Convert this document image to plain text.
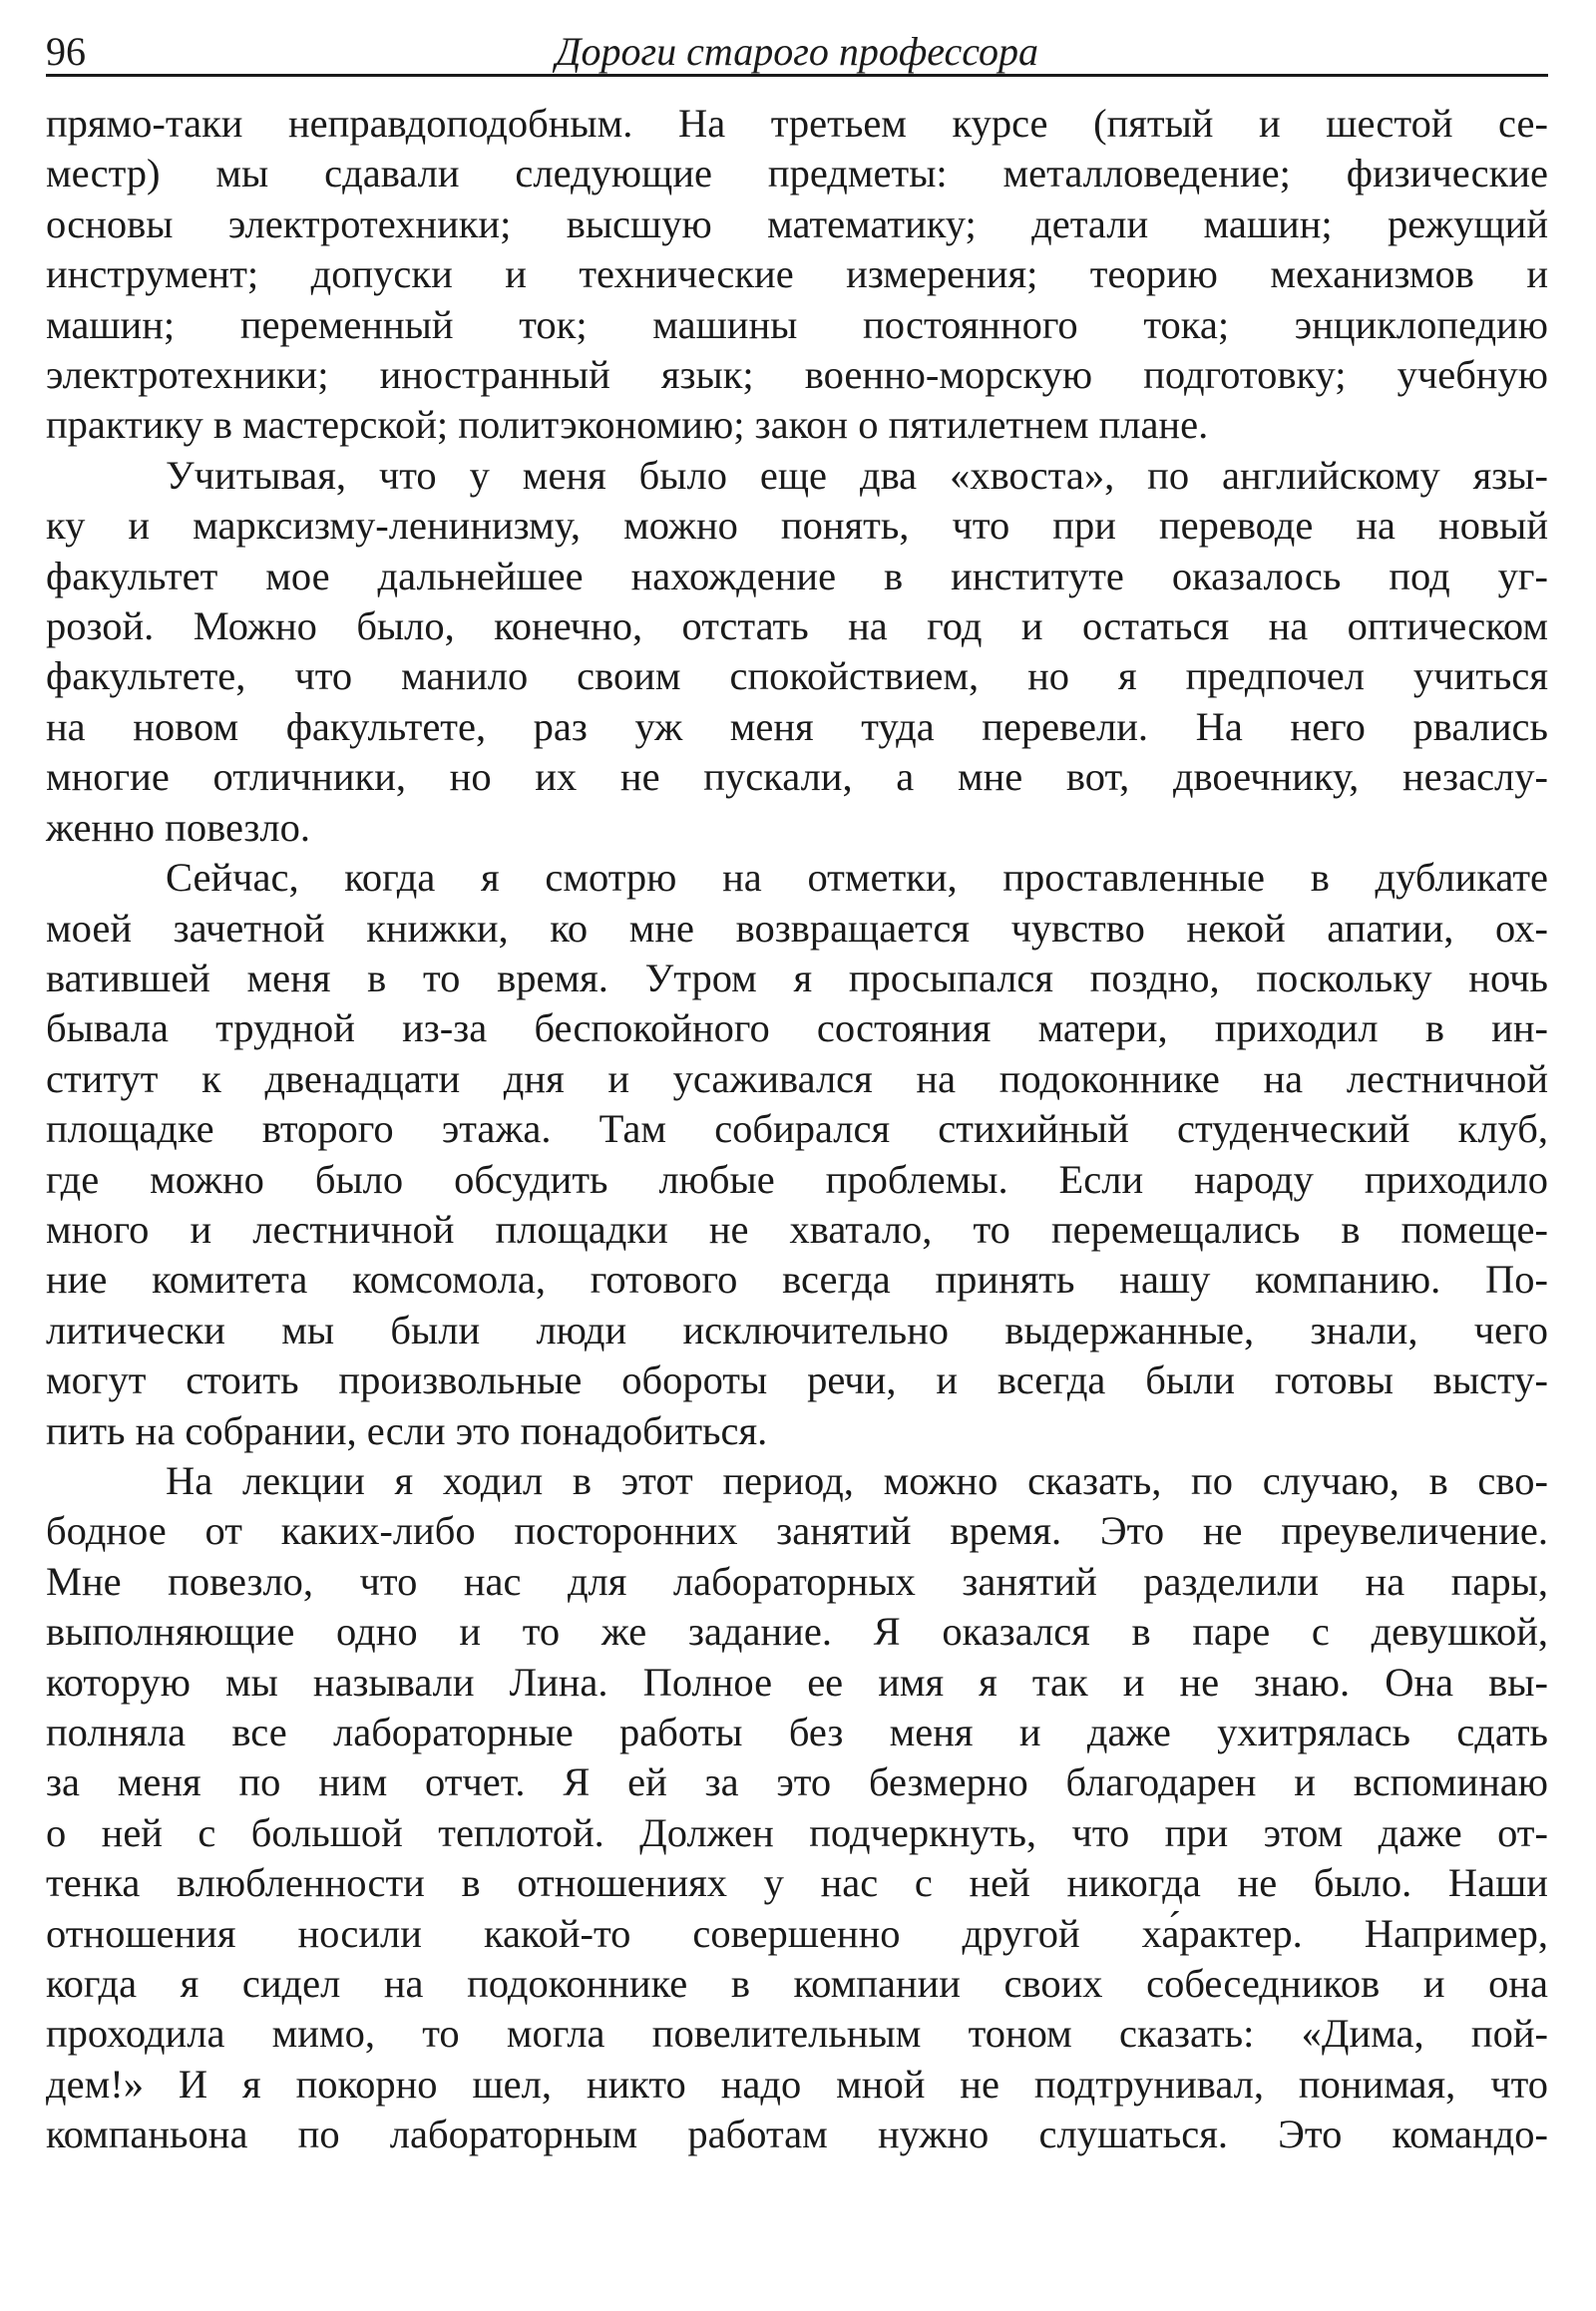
96	Дороги старого профессора

прямо-таки неправдоподобным. На третьем курсе (пятый и шестой се-
местр) мы сдавали следующие предметы: металловедение; физические
основы электротехники; высшую математику; детали машин; режущий
инструмент; допуски и технические измерения; теорию механизмов и
машин; переменный ток; машины постоянного тока; энциклопедию
электротехники; иностранный язык; военно-морскую подготовку; учебную
практику в мастерской; политэкономию; закон о пятилетнем плане.

Учитывая, что у меня было еще два «хвоста», по английскому язы-
ку и марксизму-ленинизму, можно понять, что при переводе на новый
факультет мое дальнейшее нахождение в институте оказалось под уг-
розой. Можно было, конечно, отстать на год и остаться на оптическом
факультете, что манило своим спокойствием, но я предпочел учиться
на новом факультете, раз уж меня туда перевели. На него рвались
многие отличники, но их не пускали, а мне вот, двоечнику, незаслу-
женно повезло.

Сейчас, когда я смотрю на отметки, проставленные в дубликате
моей зачетной книжки, ко мне возвращается чувство некой апатии, ох-
ватившей меня в то время. Утром я просыпался поздно, поскольку ночь
бывала трудной из-за беспокойного состояния матери, приходил в ин-
ститут к двенадцати дня и усаживался на подоконнике на лестничной
площадке второго этажа. Там собирался стихийный студенческий клуб,
где можно было обсудить любые проблемы. Если народу приходило
много и лестничной площадки не хватало, то перемещались в помеще-
ние комитета комсомола, готового всегда принять нашу компанию. По-
литически мы были люди исключительно выдержанные, знали, чего
могут стоить произвольные обороты речи, и всегда были готовы высту-
пить на собрании, если это понадобиться.

На лекции я ходил в этот период, можно сказать, по случаю, в сво-
бодное от каких-либо посторонних занятий время. Это не преувеличение.
Мне повезло, что нас для лабораторных занятий разделили на пары,
выполняющие одно и то же задание. Я оказался в паре с девушкой,
которую мы называли Лина. Полное ее имя я так и не знаю. Она вы-
полняла все лабораторные работы без меня и даже ухитрялась сдать
за меня по ним отчет. Я ей за это безмерно благодарен и вспоминаю
о ней с большой теплотой. Должен подчеркнуть, что при этом даже от-
тенка влюбленности в отношениях у нас с ней никогда не было. Наши
отношения носили какой-то совершенно другой ха́рактер. Например,
когда я сидел на подоконнике в компании своих собеседников и она
проходила мимо, то могла повелительным тоном сказать: «Дима, пой-
дем!» И я покорно шел, никто надо мной не подтрунивал, понимая, что
компаньона по лабораторным работам нужно слушаться. Это командо-
